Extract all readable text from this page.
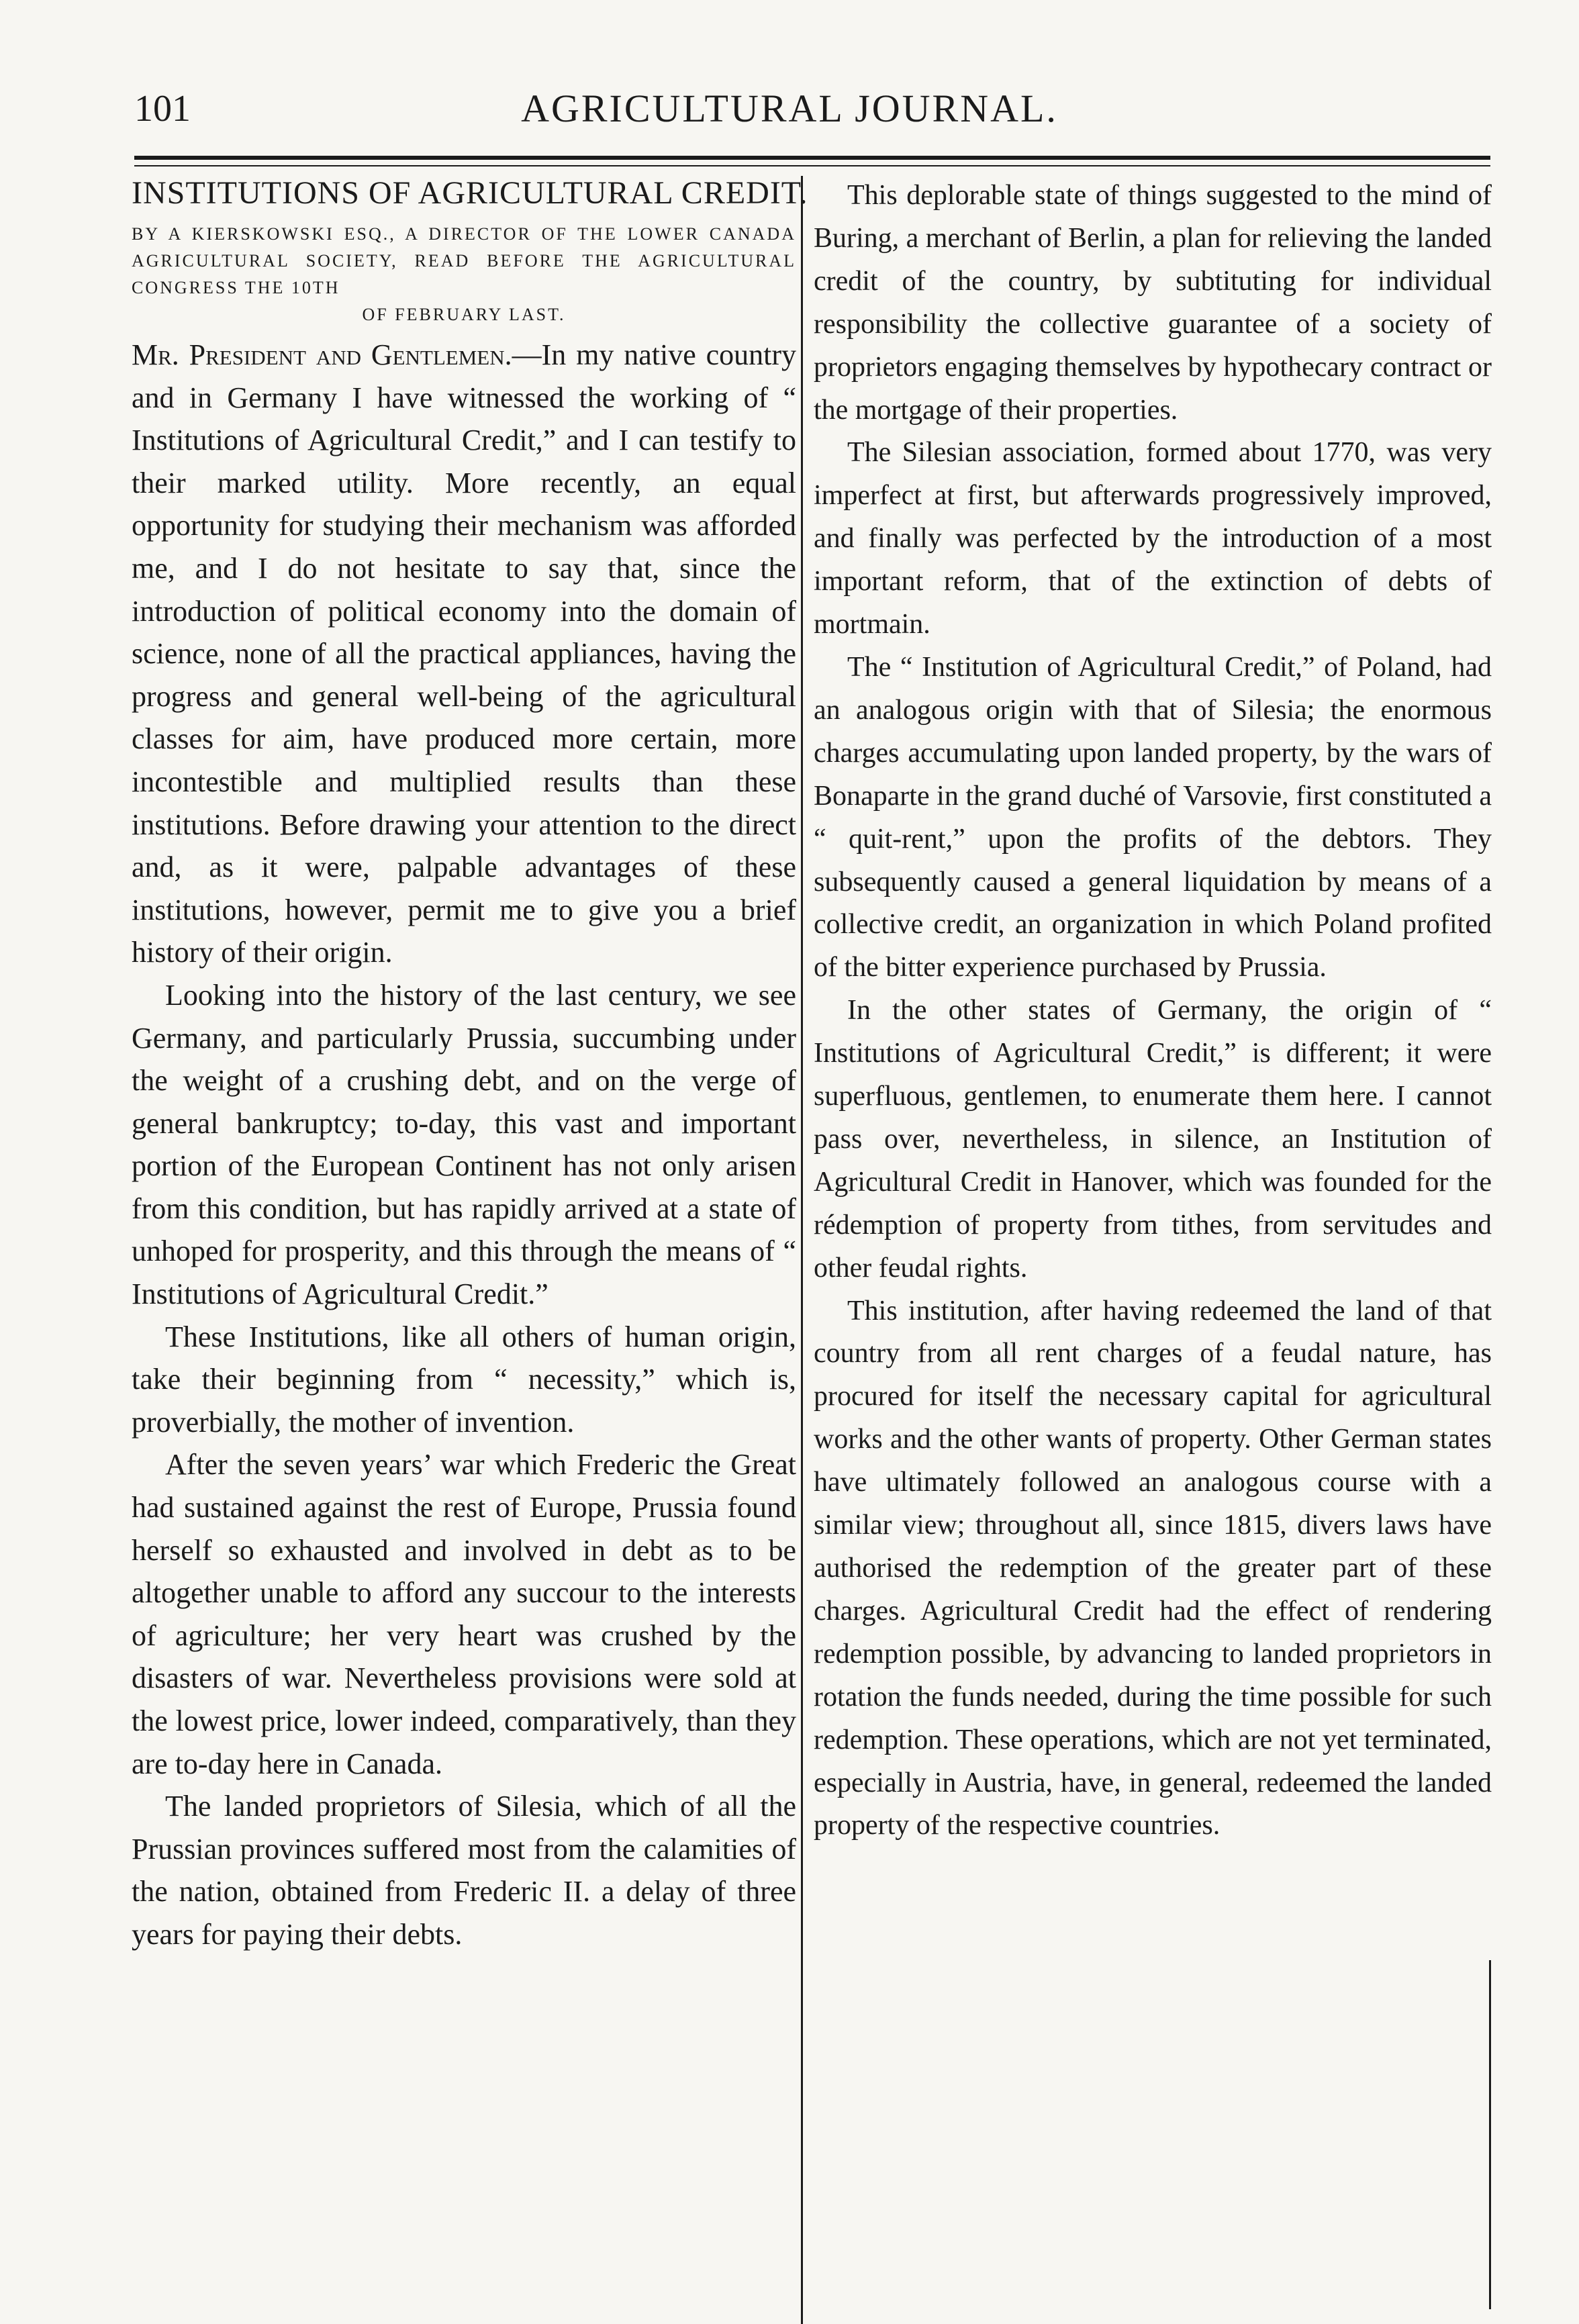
101	AGRICULTURAL JOURNAL.
INSTITUTIONS OF AGRICULTURAL CREDIT.

BY A KIERSKOWSKI ESQ., A DIRECTOR OF THE LOWER CANADA AGRICULTURAL SOCIETY, READ BEFORE THE AGRICULTURAL CONGRESS THE 10TH

OF FEBRUARY LAST.

Mr. President and Gentlemen.—In my native country and in Germany I have witnessed the working of “ Institutions of Agricultural Credit,” and I can testify to their marked utility. More recently, an equal opportunity for studying their mechanism was afforded me, and I do not hesitate to say that, since the introduction of political economy into the domain of science, none of all the practical appliances, having the progress and general well-being of the agricultural classes for aim, have produced more certain, more incontestible and multiplied results than these institutions. Before drawing your attention to the direct and, as it were, palpable advantages of these institutions, however, permit me to give you a brief history of their origin.

Looking into the history of the last century, we see Germany, and particularly Prussia, succumbing under the weight of a crushing debt, and on the verge of general bankruptcy; to-day, this vast and important portion of the European Continent has not only arisen from this condition, but has rapidly arrived at a state of unhoped for prosperity, and this through the means of “ Institutions of Agricultural Credit.”

These Institutions, like all others of human origin, take their beginning from “ necessity,” which is, proverbially, the mother of invention.

After the seven years’ war which Frederic the Great had sustained against the rest of Europe, Prussia found herself so exhausted and involved in debt as to be altogether unable to afford any succour to the interests of agriculture; her very heart was crushed by the disasters of war. Nevertheless provisions were sold at the lowest price, lower indeed, comparatively, than they are to-day here in Canada.

The landed proprietors of Silesia, which of all the Prussian provinces suffered most from the calamities of the nation, obtained from Frederic II. a delay of three years for paying their debts.

This deplorable state of things suggested to the mind of Buring, a merchant of Berlin, a plan for relieving the landed credit of the country, by subtituting for individual responsibility the collective guarantee of a society of proprietors engaging themselves by hypothecary contract or the mortgage of their properties.

The Silesian association, formed about 1770, was very imperfect at first, but afterwards progressively improved, and finally was perfected by the introduction of a most important reform, that of the extinction of debts of mortmain.

The “ Institution of Agricultural Credit,” of Poland, had an analogous origin with that of Silesia; the enormous charges accumulating upon landed property, by the wars of Bonaparte in the grand duché of Varsovie, first constituted a “ quit-rent,” upon the profits of the debtors. They subsequently caused a general liquidation by means of a collective credit, an organization in which Poland profited of the bitter experience purchased by Prussia.

In the other states of Germany, the origin of “ Institutions of Agricultural Credit,” is different; it were superfluous, gentlemen, to enumerate them here. I cannot pass over, nevertheless, in silence, an Institution of Agricultural Credit in Hanover, which was founded for the rédemption of property from tithes, from servitudes and other feudal rights.

This institution, after having redeemed the land of that country from all rent charges of a feudal nature, has procured for itself the necessary capital for agricultural works and the other wants of property. Other German states have ultimately followed an analogous course with a similar view; throughout all, since 1815, divers laws have authorised the redemption of the greater part of these charges. Agricultural Credit had the effect of rendering redemption possible, by advancing to landed proprietors in rotation the funds needed, during the time possible for such redemption. These operations, which are not yet terminated, especially in Austria, have, in general, redeemed the landed property of the respective countries.
